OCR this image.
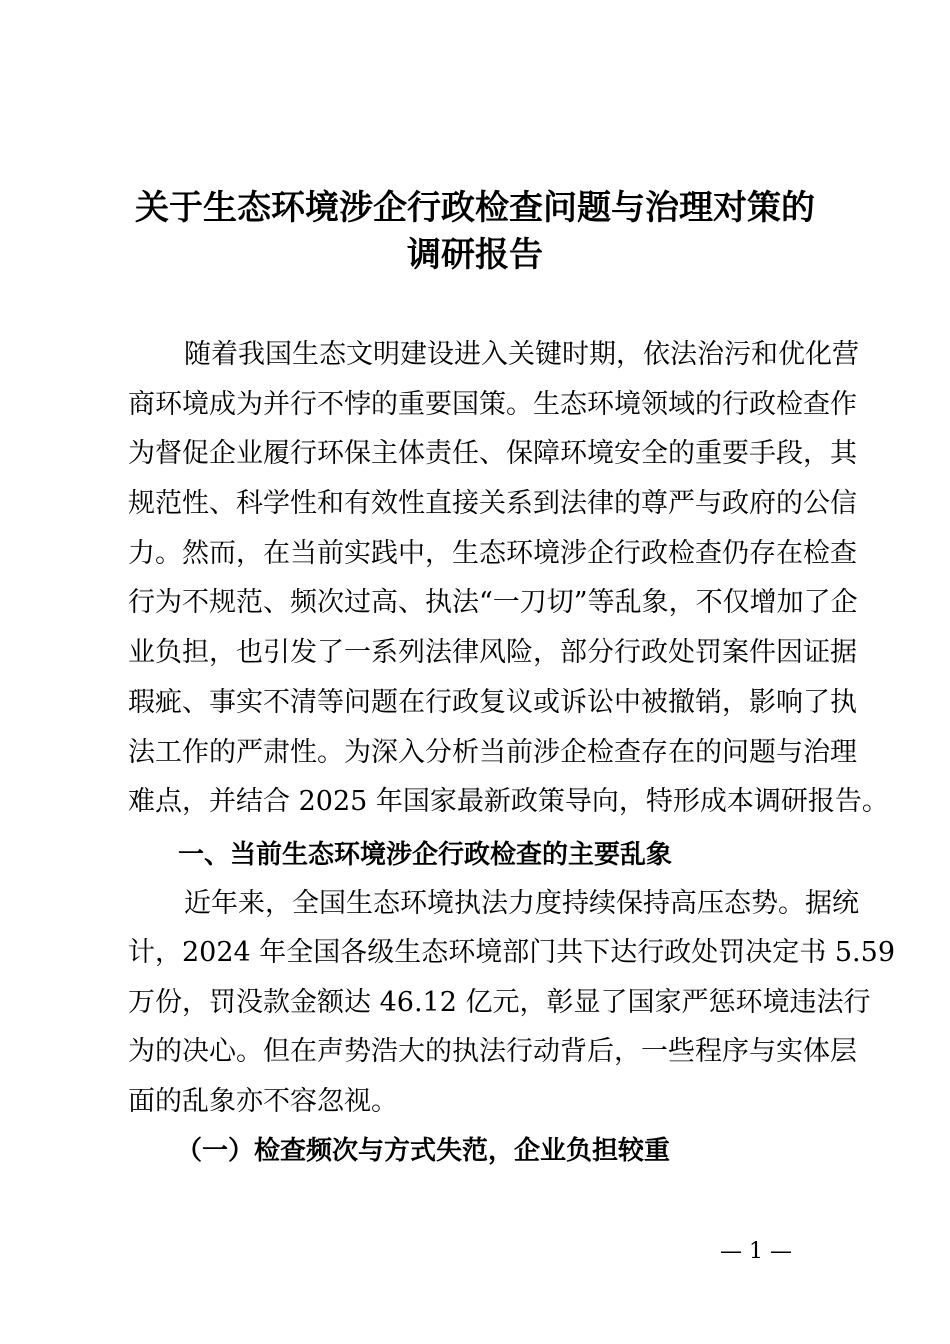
关于生态环境涉企行政检查问题与治理对策的
调研报告
随着我国生态文明建设进入关键时期，依法治污和优化营
商环境成为并行不悖的重要国策。生态环境领域的行政检查作
为督促企业履行环保主体责任、保障环境安全的重要手段，其
规范性、科学性和有效性直接关系到法律的尊严与政府的公信
力。然而，在当前实践中，生态环境涉企行政检查仍存在检查
行为不规范、频次过高、执法“一刀切”等乱象，不仅增加了企
业负担，也引发了一系列法律风险，部分行政处罚案件因证据
瑕疵、事实不清等问题在行政复议或诉讼中被撤销，影响了执
法工作的严肃性。为深入分析当前涉企检查存在的问题与治理
难点，并结合 2025 年国家最新政策导向，特形成本调研报告。
一、当前生态环境涉企行政检查的主要乱象
近年来，全国生态环境执法力度持续保持高压态势。据统
计，2024 年全国各级生态环境部门共下达行政处罚决定书 5.59
万份，罚没款金额达 46.12 亿元，彰显了国家严惩环境违法行
为的决心。但在声势浩大的执法行动背后，一些程序与实体层
面的乱象亦不容忽视。
（一）检查频次与方式失范，企业负担较重
— 1 —
